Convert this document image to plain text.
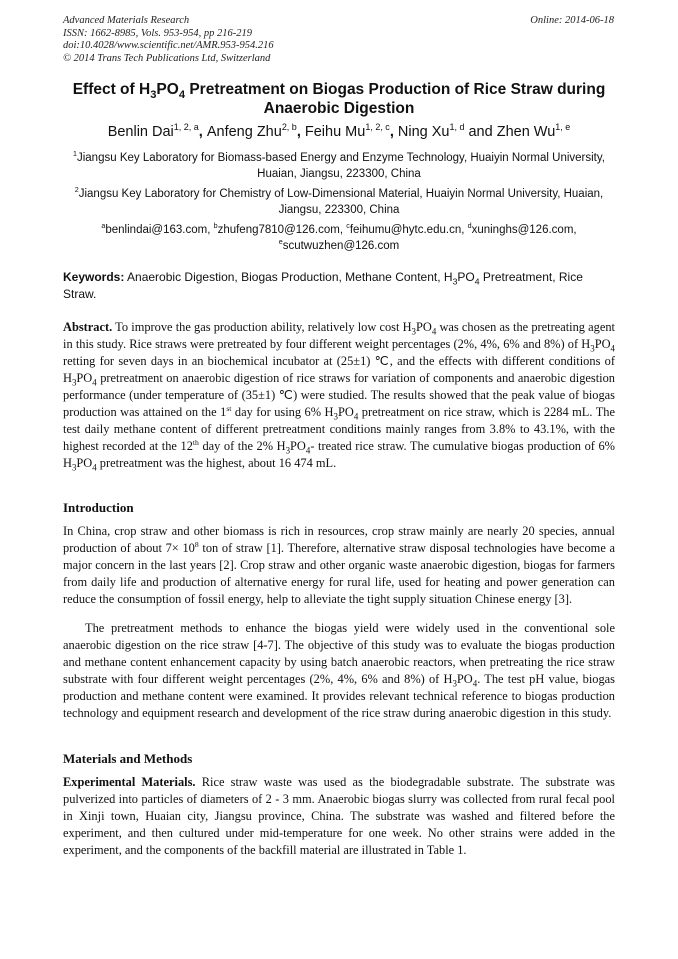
Advanced Materials Research
ISSN: 1662-8985, Vols. 953-954, pp 216-219
doi:10.4028/www.scientific.net/AMR.953-954.216
© 2014 Trans Tech Publications Ltd, Switzerland
Online: 2014-06-18
Effect of $H_3PO_4$ Pretreatment on Biogas Production of Rice Straw during
Anaerobic Digestion
Benlin Dai$^{1, 2, a}$, Anfeng Zhu$^{2, b}$, Feihu Mu$^{1, 2, c}$, Ning Xu$^{1, d}$ and Zhen Wu$^{1, e}$
$^1$Jiangsu Key Laboratory for Biomass-based Energy and Enzyme Technology, Huaiyin Normal University, Huaian, Jiangsu, 223300, China
$^2$Jiangsu Key Laboratory for Chemistry of Low-Dimensional Material, Huaiyin Normal University, Huaian, Jiangsu, 223300, China
$^a$benlindai@163.com, $^b$zhufeng7810@126.com, $^c$feihumu@hytc.edu.cn, $^d$xuninghs@126.com,
$^e$scutwuzhen@126.com
Keywords: Anaerobic Digestion, Biogas Production, Methane Content, $H_3PO_4$ Pretreatment, Rice Straw.
Abstract. To improve the gas production ability, relatively low cost $H_3PO_4$ was chosen as the pretreating agent in this study. Rice straws were pretreated by four different weight percentages (2%, 4%, 6% and 8%) of $H_3PO_4$ retting for seven days in an biochemical incubator at (25±1) ℃, and the effects with different conditions of $H_3PO_4$ pretreatment on anaerobic digestion of rice straws for variation of components and anaerobic digestion performance (under temperature of (35±1) ℃) were studied. The results showed that the peak value of biogas production was attained on the 1st day for using 6% $H_3PO_4$ pretreatment on rice straw, which is 2284 mL. The test daily methane content of different pretreatment conditions mainly ranges from 3.8% to 43.1%, with the highest recorded at the 12th day of the 2% $H_3PO_4-$ treated rice straw. The cumulative biogas production of 6% $H_3PO_4$ pretreatment was the highest, about 16 474 mL.
Introduction
In China, crop straw and other biomass is rich in resources, crop straw mainly are nearly 20 species, annual production of about $7\times 10^8$ ton of straw [1]. Therefore, alternative straw disposal technologies have become a major concern in the last years [2]. Crop straw and other organic waste anaerobic digestion, biogas for farmers from daily life and production of alternative energy for rural life, used for heating and power generation can reduce the consumption of fossil energy, help to alleviate the tight supply situation Chinese energy [3].
The pretreatment methods to enhance the biogas yield were widely used in the conventional sole anaerobic digestion on the rice straw [4-7]. The objective of this study was to evaluate the biogas production and methane content enhancement capacity by using batch anaerobic reactors, when pretreating the rice straw substrate with four different weight percentages (2%, 4%, 6% and 8%) of $H_3PO_4$. The test pH value, biogas production and methane content were examined. It provides relevant technical reference to biogas production technology and equipment research and development of the rice straw during anaerobic digestion in this study.
Materials and Methods
Experimental Materials. Rice straw waste was used as the biodegradable substrate. The substrate was pulverized into particles of diameters of 2 - 3 mm. Anaerobic biogas slurry was collected from rural fecal pool in Xinji town, Huaian city, Jiangsu province, China. The substrate was washed and filtered before the experiment, and then cultured under mid-temperature for one week. No other strains were added in the experiment, and the components of the backfill material are illustrated in Table 1.
